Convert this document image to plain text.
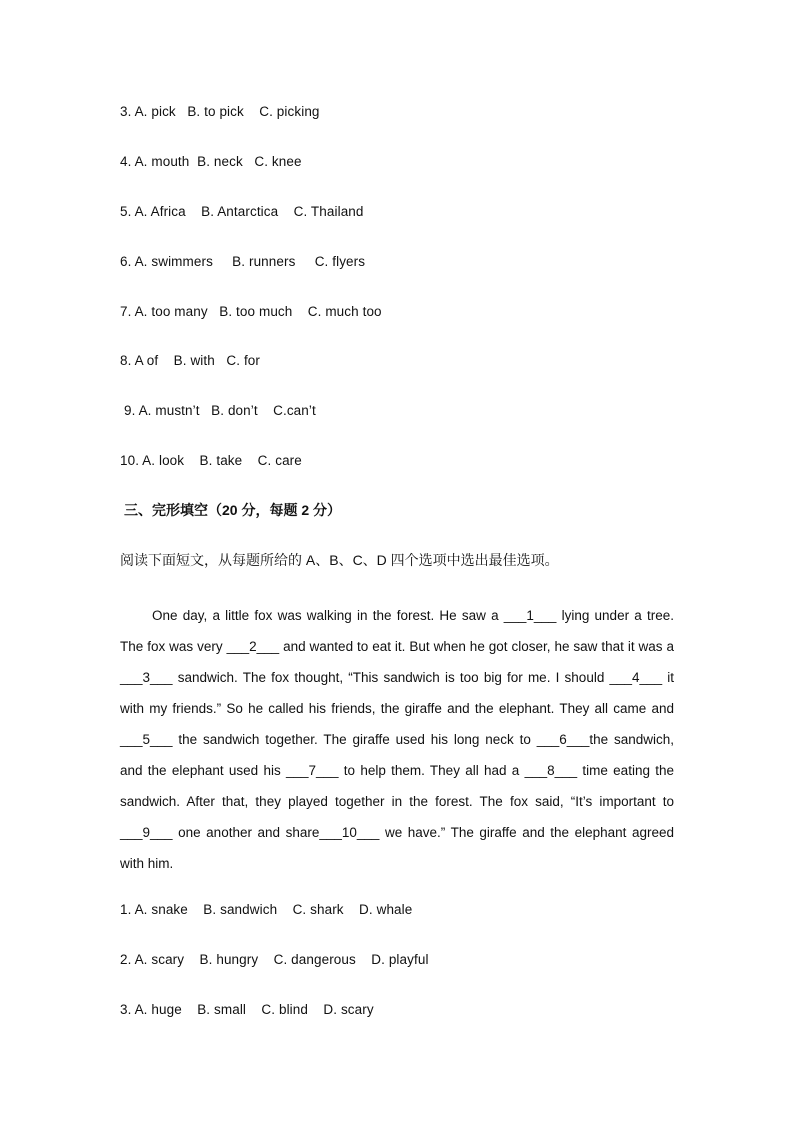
3. A. pick   B. to pick    C. picking
4. A. mouth  B. neck   C. knee
5. A. Africa    B. Antarctica    C. Thailand
6. A. swimmers     B. runners     C. flyers
7. A. too many   B. too much    C. much too
8. A of    B. with   C. for
9. A. mustn’t   B. don’t    C.can’t
10. A. look    B. take    C. care
三、完形填空（20 分，每题 2 分）
阅读下面短文，从每题所给的 A、B、C、D 四个选项中选出最佳选项。

One day, a little fox was walking in the forest. He saw a ___1___ lying under a tree. The fox was very ___2___ and wanted to eat it. But when he got closer, he saw that it was a ___3___ sandwich. The fox thought, “This sandwich is too big for me. I should ___4___ it with my friends.” So he called his friends, the giraffe and the elephant. They all came and ___5___ the sandwich together. The giraffe used his long neck to ___6___the sandwich, and the elephant used his ___7___ to help them. They all had a ___8___ time eating the sandwich. After that, they played together in the forest. The fox said, “It’s important to ___9___ one another and share___10___ we have.” The giraffe and the elephant agreed with him.

1. A. snake    B. sandwich    C. shark    D. whale
2. A. scary    B. hungry    C. dangerous    D. playful
3. A. huge    B. small    C. blind    D. scary
